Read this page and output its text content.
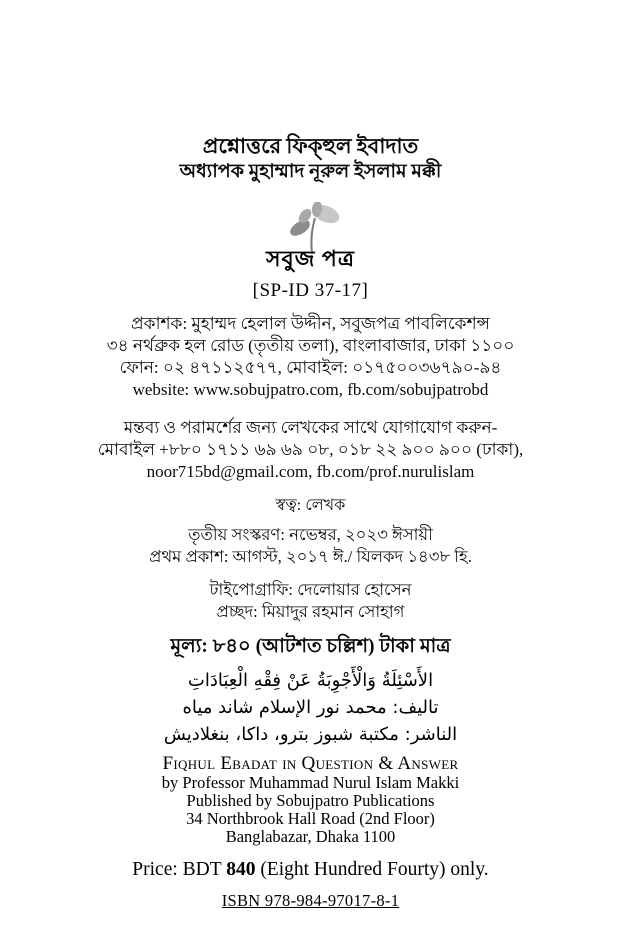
প্রশ্নোত্তরে ফিক্হুল ইবাদাত
অধ্যাপক মুহাম্মাদ নূরুল ইসলাম মক্কী
সবুজ পত্র
[SP-ID 37-17]
প্রকাশক: মুহাম্মদ হেলাল উদ্দীন, সবুজপত্র পাবলিকেশন্স
৩৪ নর্থব্রুক হল রোড (তৃতীয় তলা), বাংলাবাজার, ঢাকা ১১০০
ফোন: ০২ ৪৭১১২৫৭৭, মোবাইল: ০১৭৫০০৩৬৭৯০-৯৪
website: www.sobujpatro.com, fb.com/sobujpatrobd
মন্তব্য ও পরামর্শের জন্য লেখকের সাথে যোগাযোগ করুন-
মোবাইল +৮৮০ ১৭১১ ৬৯ ৬৯ ০৮, ০১৮ ২২ ৯০০ ৯০০ (ঢাকা),
noor715bd@gmail.com, fb.com/prof.nurulislam
স্বত্ব: লেখক
তৃতীয় সংস্করণ: নভেম্বর, ২০২৩ ঈসায়ী
প্রথম প্রকাশ: আগস্ট, ২০১৭ ঈ./ যিলকদ ১৪৩৮ হি.
টাইপোগ্রাফি: দেলোয়ার হোসেন
প্রচ্ছদ: মিয়াদুর রহমান সোহাগ
মূল্য: ৮৪০ (আটশত চল্লিশ) টাকা মাত্র
الأَسْئِلَةُ وَالْأَجْوِبَةُ عَنْ فِقْهِ الْعِبَادَاتِ
تاليف: محمد نور الإسلام شاند مياه
الناشر: مكتبة شبوز بترو، داكا، بنغلاديش
Fiqhul Ebadat in Question & Answer
by Professor Muhammad Nurul Islam Makki
Published by Sobujpatro Publications
34 Northbrook Hall Road (2nd Floor)
Banglabazar, Dhaka 1100
Price: BDT 840 (Eight Hundred Fourty) only.
ISBN 978-984-97017-8-1
